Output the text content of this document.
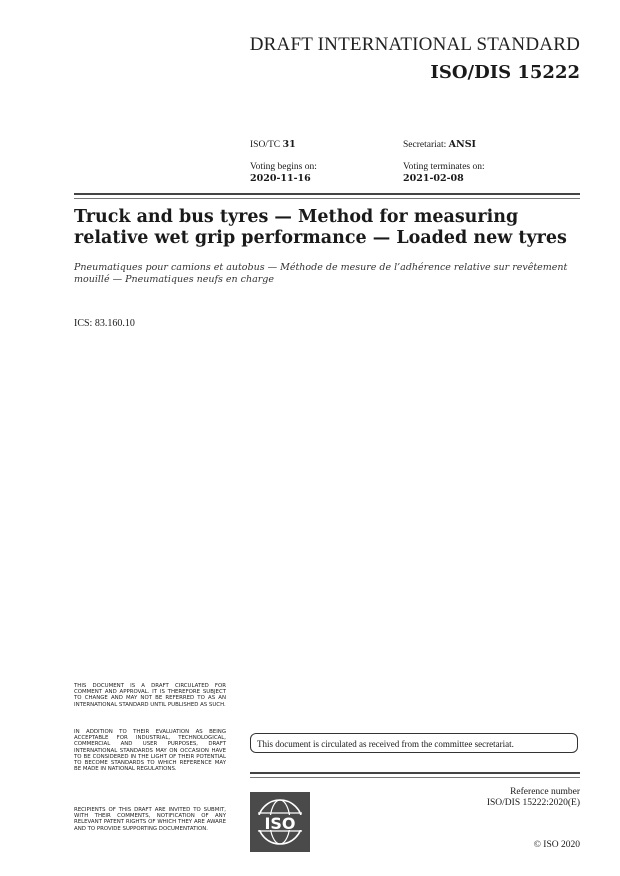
DRAFT INTERNATIONAL STANDARD
ISO/DIS 15222
ISO/TC 31	Secretariat: ANSI
Voting begins on:
2020-11-16
Voting terminates on:
2021-02-08
Truck and bus tyres — Method for measuring relative wet grip performance — Loaded new tyres
Pneumatiques pour camions et autobus — Méthode de mesure de l’adhérence relative sur revêtement mouillé — Pneumatiques neufs en charge
ICS: 83.160.10
THIS DOCUMENT IS A DRAFT CIRCULATED FOR COMMENT AND APPROVAL. IT IS THEREFORE SUBJECT TO CHANGE AND MAY NOT BE REFERRED TO AS AN INTERNATIONAL STANDARD UNTIL PUBLISHED AS SUCH.
IN ADDITION TO THEIR EVALUATION AS BEING ACCEPTABLE FOR INDUSTRIAL, TECHNOLOGICAL, COMMERCIAL AND USER PURPOSES, DRAFT INTERNATIONAL STANDARDS MAY ON OCCASION HAVE TO BE CONSIDERED IN THE LIGHT OF THEIR POTENTIAL TO BECOME STANDARDS TO WHICH REFERENCE MAY BE MADE IN NATIONAL REGULATIONS.
RECIPIENTS OF THIS DRAFT ARE INVITED TO SUBMIT, WITH THEIR COMMENTS, NOTIFICATION OF ANY RELEVANT PATENT RIGHTS OF WHICH THEY ARE AWARE AND TO PROVIDE SUPPORTING DOCUMENTATION.
This document is circulated as received from the committee secretariat.
ISO
Reference number
ISO/DIS 15222:2020(E)
© ISO 2020
